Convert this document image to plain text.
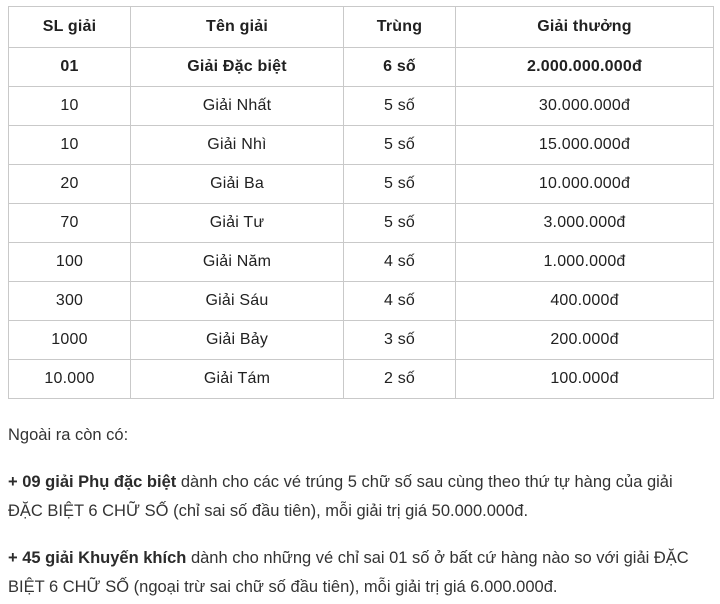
SL giải	Tên giải	Trùng	Giải thưởng
01	Giải Đặc biệt	6 số	2.000.000.000đ
10	Giải Nhất	5 số	30.000.000đ
10	Giải Nhì	5 số	15.000.000đ
20	Giải Ba	5 số	10.000.000đ
70	Giải Tư	5 số	3.000.000đ
100	Giải Năm	4 số	1.000.000đ
300	Giải Sáu	4 số	400.000đ
1000	Giải Bảy	3 số	200.000đ
10.000	Giải Tám	2 số	100.000đ

Ngoài ra còn có:

+ 09 giải Phụ đặc biệt dành cho các vé trúng 5 chữ số sau cùng theo thứ tự hàng của giải ĐẶC BIỆT 6 CHỮ SỐ (chỉ sai số đầu tiên), mỗi giải trị giá 50.000.000đ.

+ 45 giải Khuyến khích dành cho những vé chỉ sai 01 số ở bất cứ hàng nào so với giải ĐẶC BIỆT 6 CHỮ SỐ (ngoại trừ sai chữ số đầu tiên), mỗi giải trị giá 6.000.000đ.
